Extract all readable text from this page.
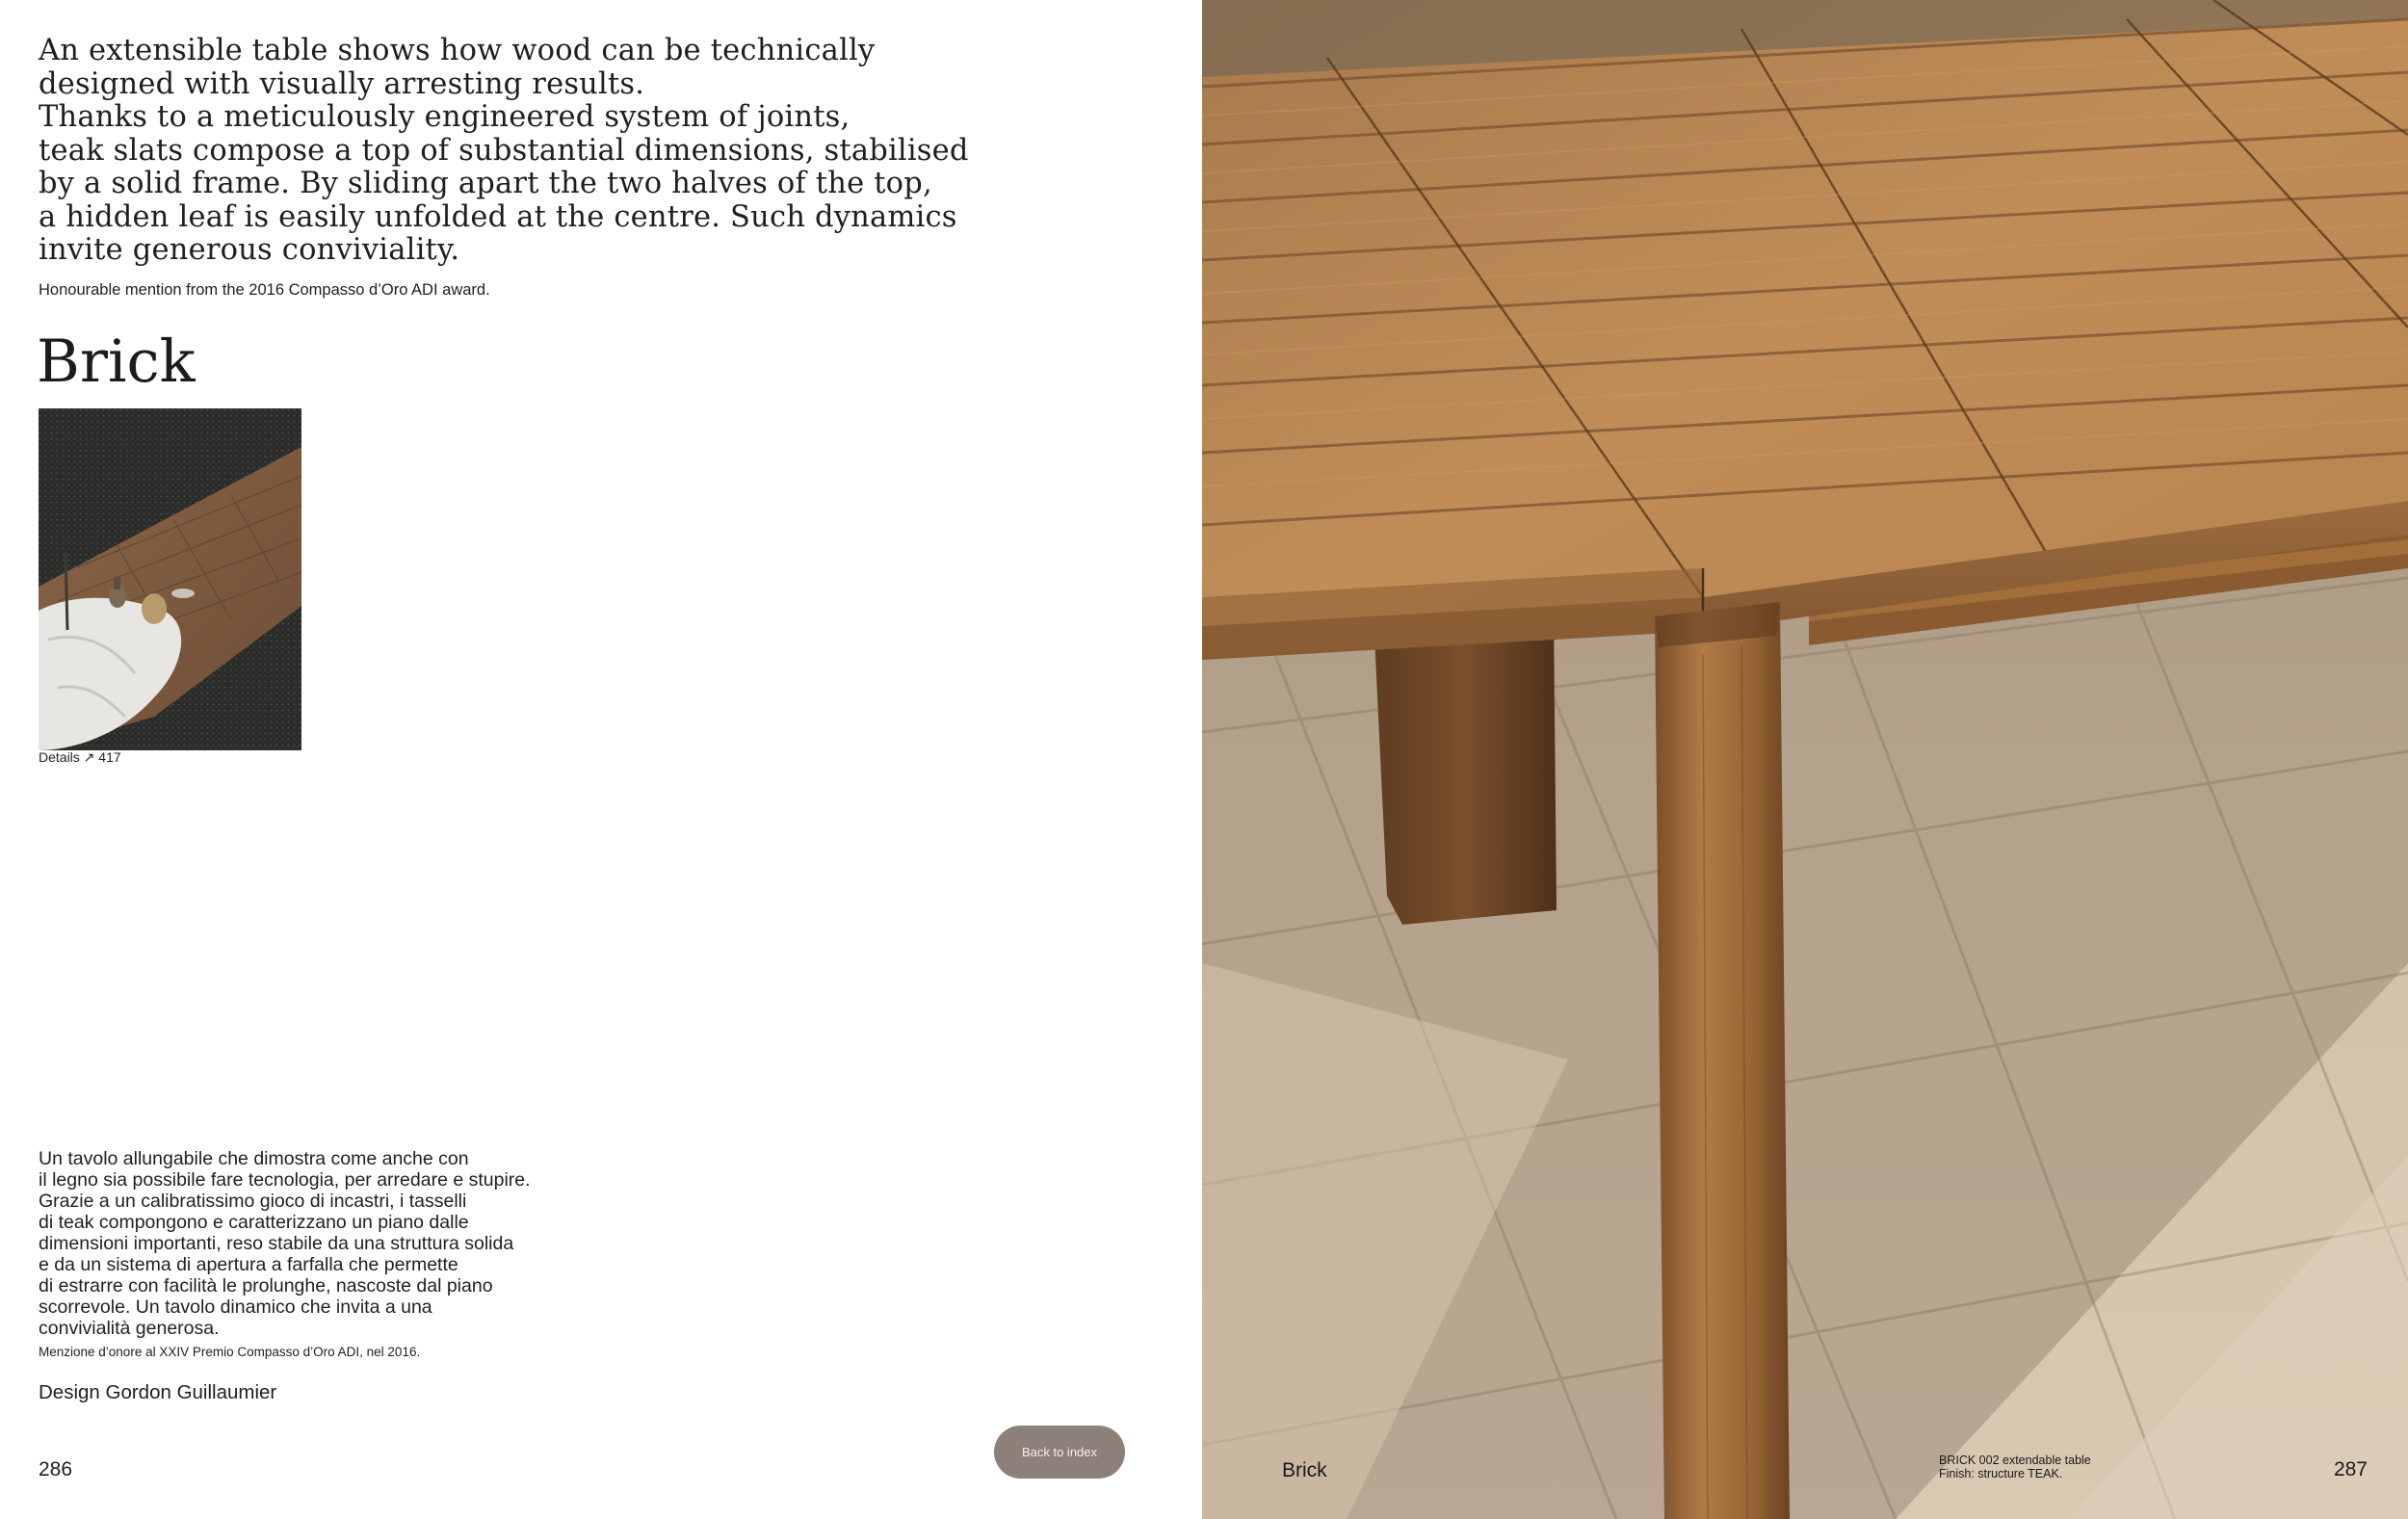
An extensible table shows how wood can be technically
designed with visually arresting results.
Thanks to a meticulously engineered system of joints,
teak slats compose a top of substantial dimensions, stabilised
by a solid frame. By sliding apart the two halves of the top,
a hidden leaf is easily unfolded at the centre. Such dynamics
invite generous conviviality.
Honourable mention from the 2016 Compasso d’Oro ADI award.
Brick
Details ↗ 417
Un tavolo allungabile che dimostra come anche con
il legno sia possibile fare tecnologia, per arredare e stupire.
Grazie a un calibratissimo gioco di incastri, i tasselli
di teak compongono e caratterizzano un piano dalle
dimensioni importanti, reso stabile da una struttura solida
e da un sistema di apertura a farfalla che permette
di estrarre con facilità le prolunghe, nascoste dal piano
scorrevole. Un tavolo dinamico che invita a una
convivialità generosa.
Menzione d’onore al XXIV Premio Compasso d’Oro ADI, nel 2016.
Design Gordon Guillaumier
286
Back to index
Brick	BRICK 002 extendable table
Finish: structure TEAK.	287
